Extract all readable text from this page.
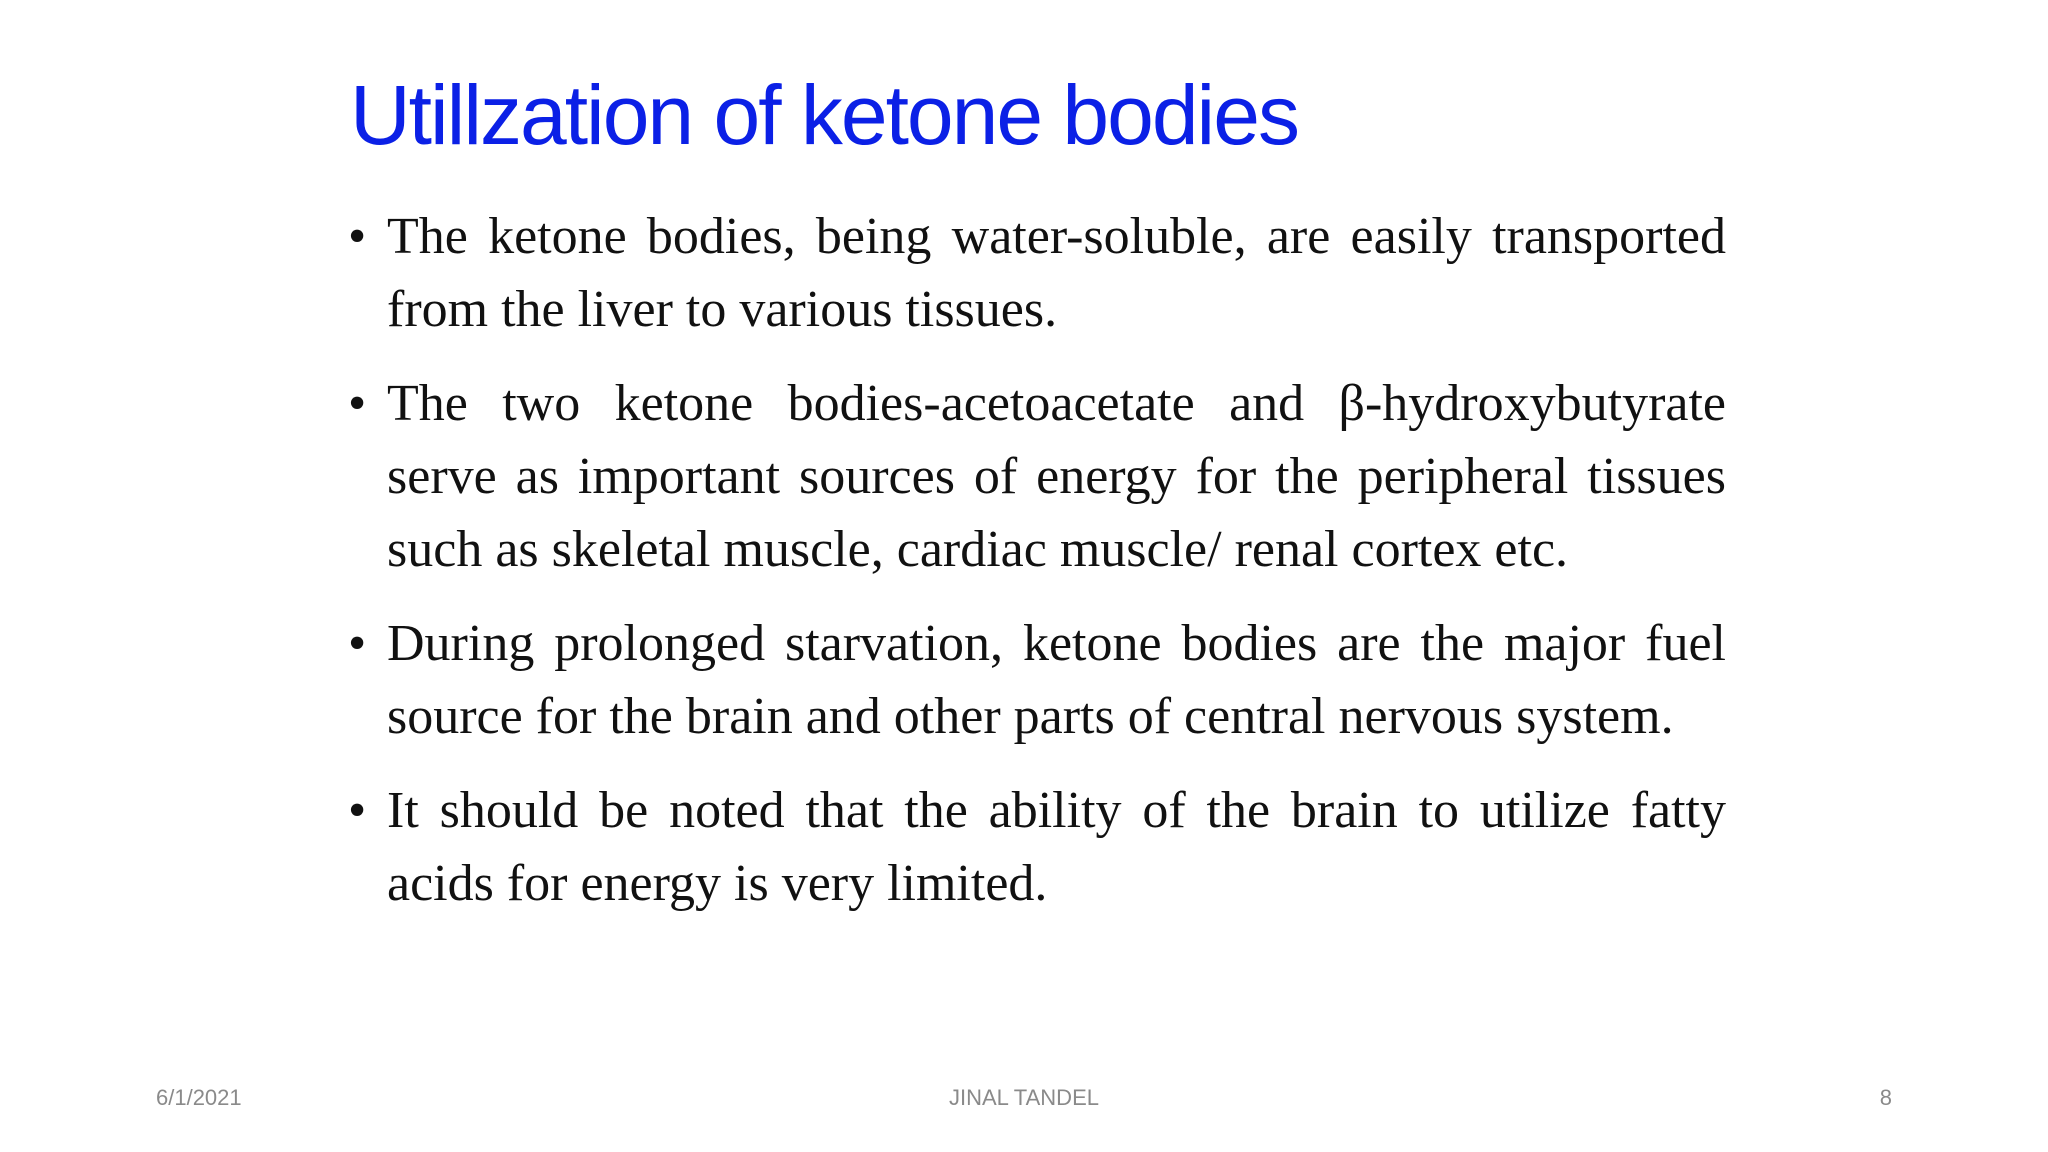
Utillzation of ketone bodies
• The ketone bodies, being water-soluble, are easily transported from the liver to various tissues.
• The two ketone bodies-acetoacetate and β-hydroxybutyrate serve as important sources of energy for the peripheral tissues such as skeletal muscle, cardiac muscle/ renal cortex etc.
• During prolonged starvation, ketone bodies are the major fuel source for the brain and other parts of central nervous system.
• It should be noted that the ability of the brain to utilize fatty acids for energy is very limited.
6/1/2021	JINAL TANDEL	8
